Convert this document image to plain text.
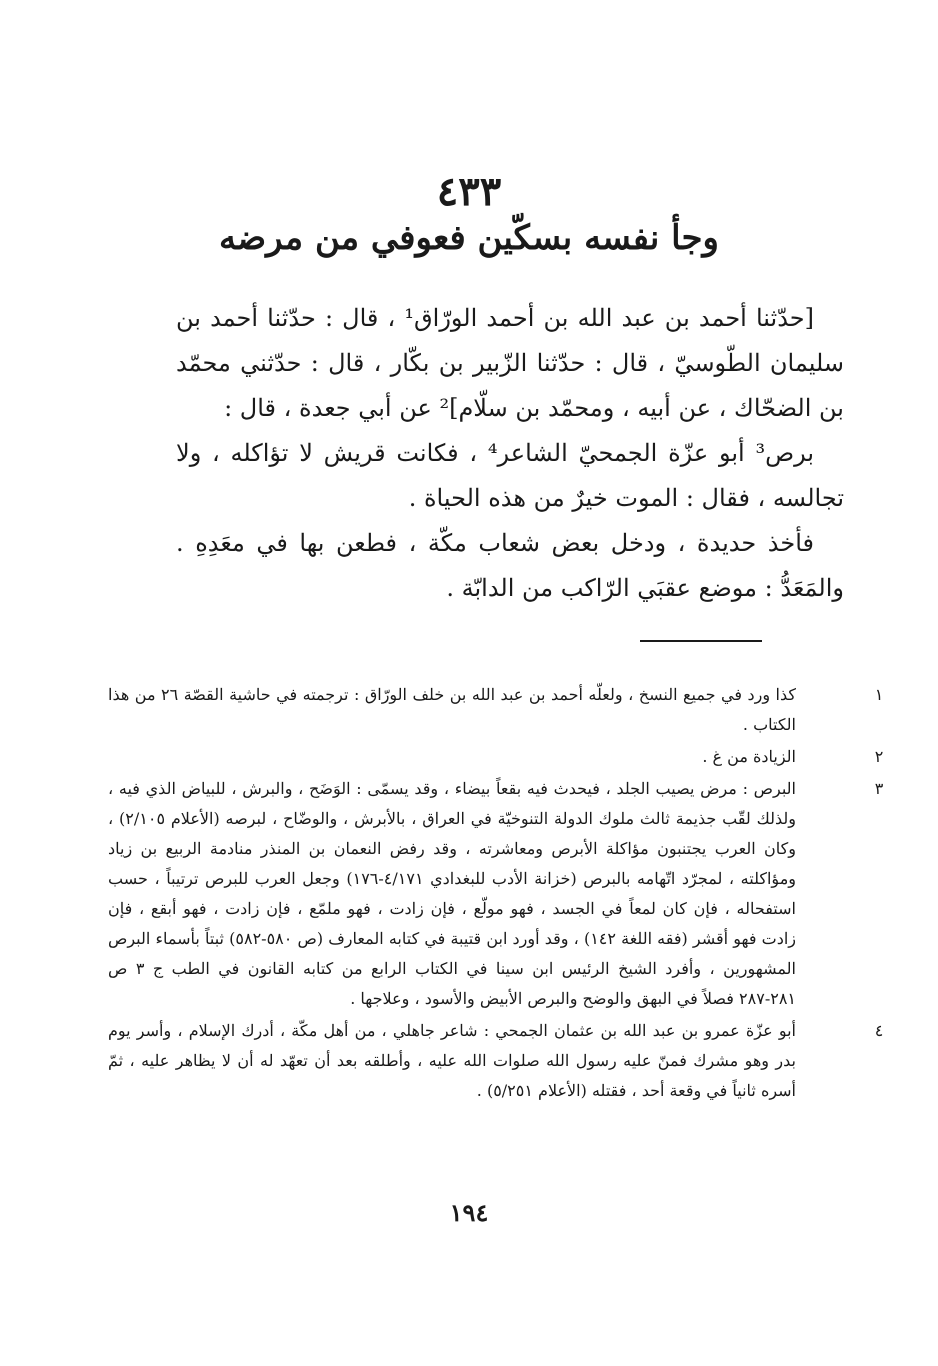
٤٣٣
وجأ نفسه بسكّين فعوفي من مرضه

[حدّثنا أحمد بن عبد الله بن أحمد الورّاق¹ ، قال : حدّثنا أحمد بن سليمان الطّوسيّ ، قال : حدّثنا الزّبير بن بكّار ، قال : حدّثني محمّد بن الضحّاك ، عن أبيه ، ومحمّد بن سلّام]² عن أبي جعدة ، قال :

برص³ أبو عزّة الجمحيّ الشاعر⁴ ، فكانت قريش لا تؤاكله ، ولا تجالسه ، فقال : الموت خيرٌ من هذه الحياة .

فأخذ حديدة ، ودخل بعض شعاب مكّة ، فطعن بها في معَدِهِ . والمَعَدُّ : موضع عقبَي الرّاكب من الدابّة .

١
كذا ورد في جميع النسخ ، ولعلّه أحمد بن عبد الله بن خلف الورّاق : ترجمته في حاشية القصّة ٢٦ من هذا الكتاب .
٢
الزيادة من غ .
٣
البرص : مرض يصيب الجلد ، فيحدث فيه بقعاً بيضاء ، وقد يسمّى : الوَضَح ، والبرش ، للبياض الذي فيه ، ولذلك لقّب جذيمة ثالث ملوك الدولة التنوخيّة في العراق ، بالأبرش ، والوضّاح ، لبرصه (الأعلام ٢/١٠٥) ، وكان العرب يجتنبون مؤاكلة الأبرص ومعاشرته ، وقد رفض النعمان بن المنذر منادمة الربيع بن زياد ومؤاكلته ، لمجرّد اتّهامه بالبرص (خزانة الأدب للبغدادي ٤/١٧١-١٧٦) وجعل العرب للبرص ترتيباً ، حسب استفحاله ، فإن كان لمعاً في الجسد ، فهو مولّع ، فإن زادت ، فهو ملمّع ، فإن زادت ، فهو أبقع ، فإن زادت فهو أقشر (فقه اللغة ١٤٢) ، وقد أورد ابن قتيبة في كتابه المعارف (ص ٥٨٠-٥٨٢) ثبتاً بأسماء البرص المشهورين ، وأفرد الشيخ الرئيس ابن سينا في الكتاب الرابع من كتابه القانون في الطب ج ٣ ص ٢٨١-٢٨٧ فصلاً في البهق والوضح والبرص الأبيض والأسود ، وعلاجها .
٤
أبو عزّة عمرو بن عبد الله بن عثمان الجمحي : شاعر جاهلي ، من أهل مكّة ، أدرك الإسلام ، وأسر يوم بدر وهو مشرك فمنّ عليه رسول الله صلوات الله عليه ، وأطلقه بعد أن تعهّد له أن لا يظاهر عليه ، ثمّ أسره ثانياً في وقعة أحد ، فقتله (الأعلام ٥/٢٥١) .
١٩٤
